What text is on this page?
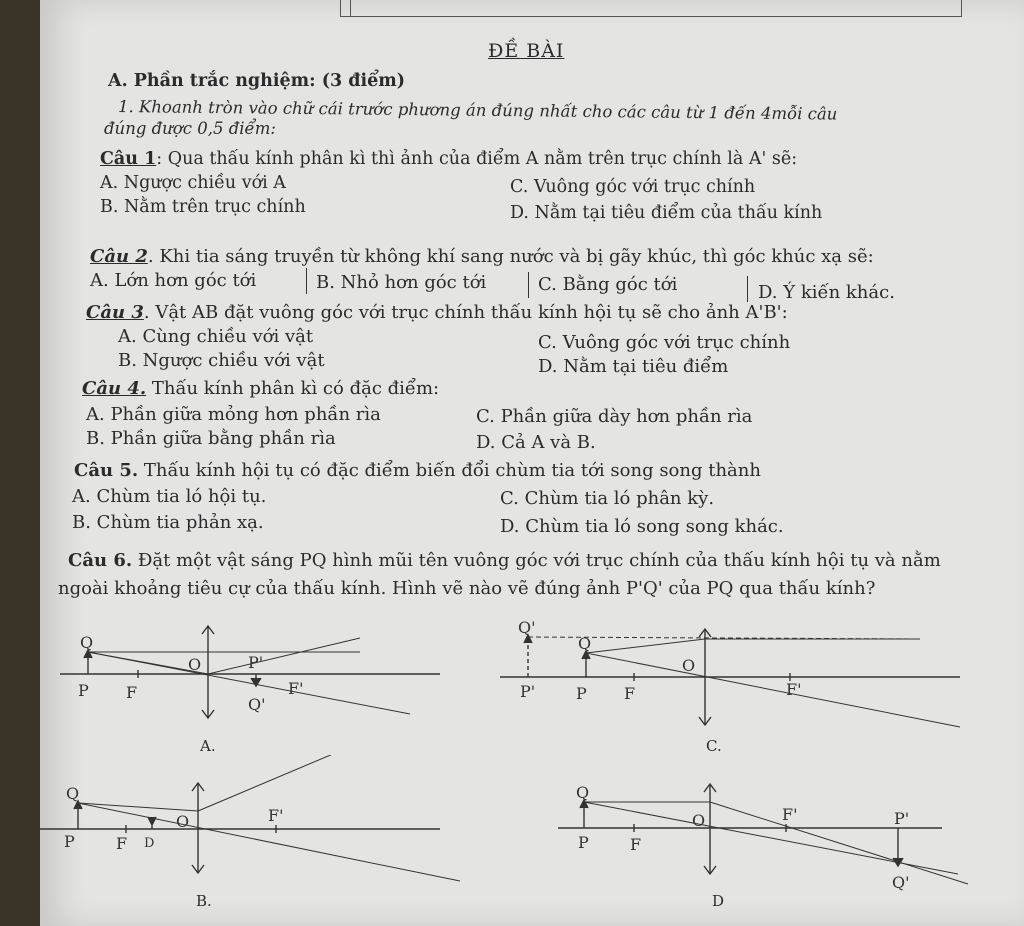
ĐỀ BÀI
A. Phần trắc nghiệm: (3 điểm)
1. Khoanh tròn vào chữ cái trước phương án đúng nhất cho các câu từ 1 đến 4mỗi câu
đúng được 0,5 điểm:
Câu 1: Qua thấu kính phân kì thì ảnh của điểm A nằm trên trục chính là A' sẽ:
A. Ngược chiều với A
B. Nằm trên trục chính
C. Vuông góc với trục chính
D. Nằm tại tiêu điểm của thấu kính
Câu 2. Khi tia sáng truyền từ không khí sang nước và bị gãy khúc, thì góc khúc xạ sẽ:
A. Lớn hơn góc tới	B. Nhỏ hơn góc tới	C. Bằng góc tới	D. Ý kiến khác.
Câu 3. Vật AB đặt vuông góc với trục chính thấu kính hội tụ sẽ cho ảnh A'B':
A. Cùng chiều với vật
B. Ngược chiều với vật
C. Vuông góc với trục chính
D. Nằm tại tiêu điểm
Câu 4. Thấu kính phân kì có đặc điểm:
A. Phần giữa mỏng hơn phần rìa
B. Phần giữa bằng phần rìa
C. Phần giữa dày hơn phần rìa
D. Cả A và B.
Câu 5. Thấu kính hội tụ có đặc điểm biến đổi chùm tia tới song song thành
A. Chùm tia ló hội tụ.
B. Chùm tia phản xạ.
C. Chùm tia ló phân kỳ.
D. Chùm tia ló song song khác.
Câu 6. Đặt một vật sáng PQ hình mũi tên vuông góc với trục chính của thấu kính hội tụ và nằm
ngoài khoảng tiêu cự của thấu kính. Hình vẽ nào vẽ đúng ảnh P'Q' của PQ qua thấu kính?
Q
O
P F
P'
Q'
F'
A.
Q'
Q
O
P'	P F	F'
C.
Q
O
P	F D
F'
B.
Q
O
P	F
F'	P'
Q'
D
